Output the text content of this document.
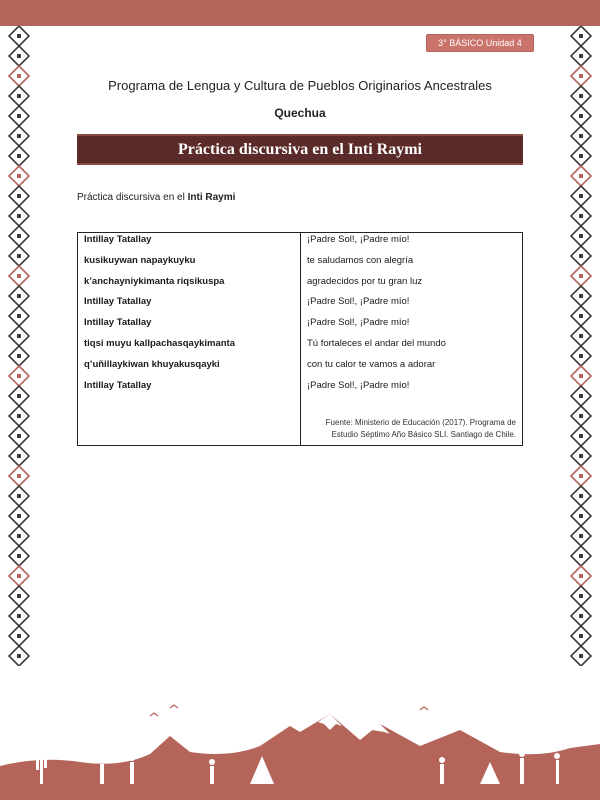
3° BÁSICO Unidad 4
Programa de Lengua y Cultura de Pueblos Originarios Ancestrales
Quechua
Práctica discursiva en el Inti Raymi
Práctica discursiva en el Inti Raymi
Intillay Tatallay
kusikuywan napaykuyku
k’anchayniykimanta riqsikuspa
Intillay Tatallay
Intillay Tatallay
tiqsi muyu kallpachasqaykimanta
q’uñillaykiwan khuyakusqayki
Intillay Tatallay
¡Padre Sol!, ¡Padre mío!
te saludamos con alegría
agradecidos por tu gran luz
¡Padre Sol!, ¡Padre mío!
¡Padre Sol!, ¡Padre mío!
Tú fortaleces el andar del mundo
con tu calor te vamos a adorar
¡Padre Sol!, ¡Padre mío!
Fuente: Ministerio de Educación (2017). Programa de
Estudio Séptimo Año Básico SLI. Santiago de Chile.
